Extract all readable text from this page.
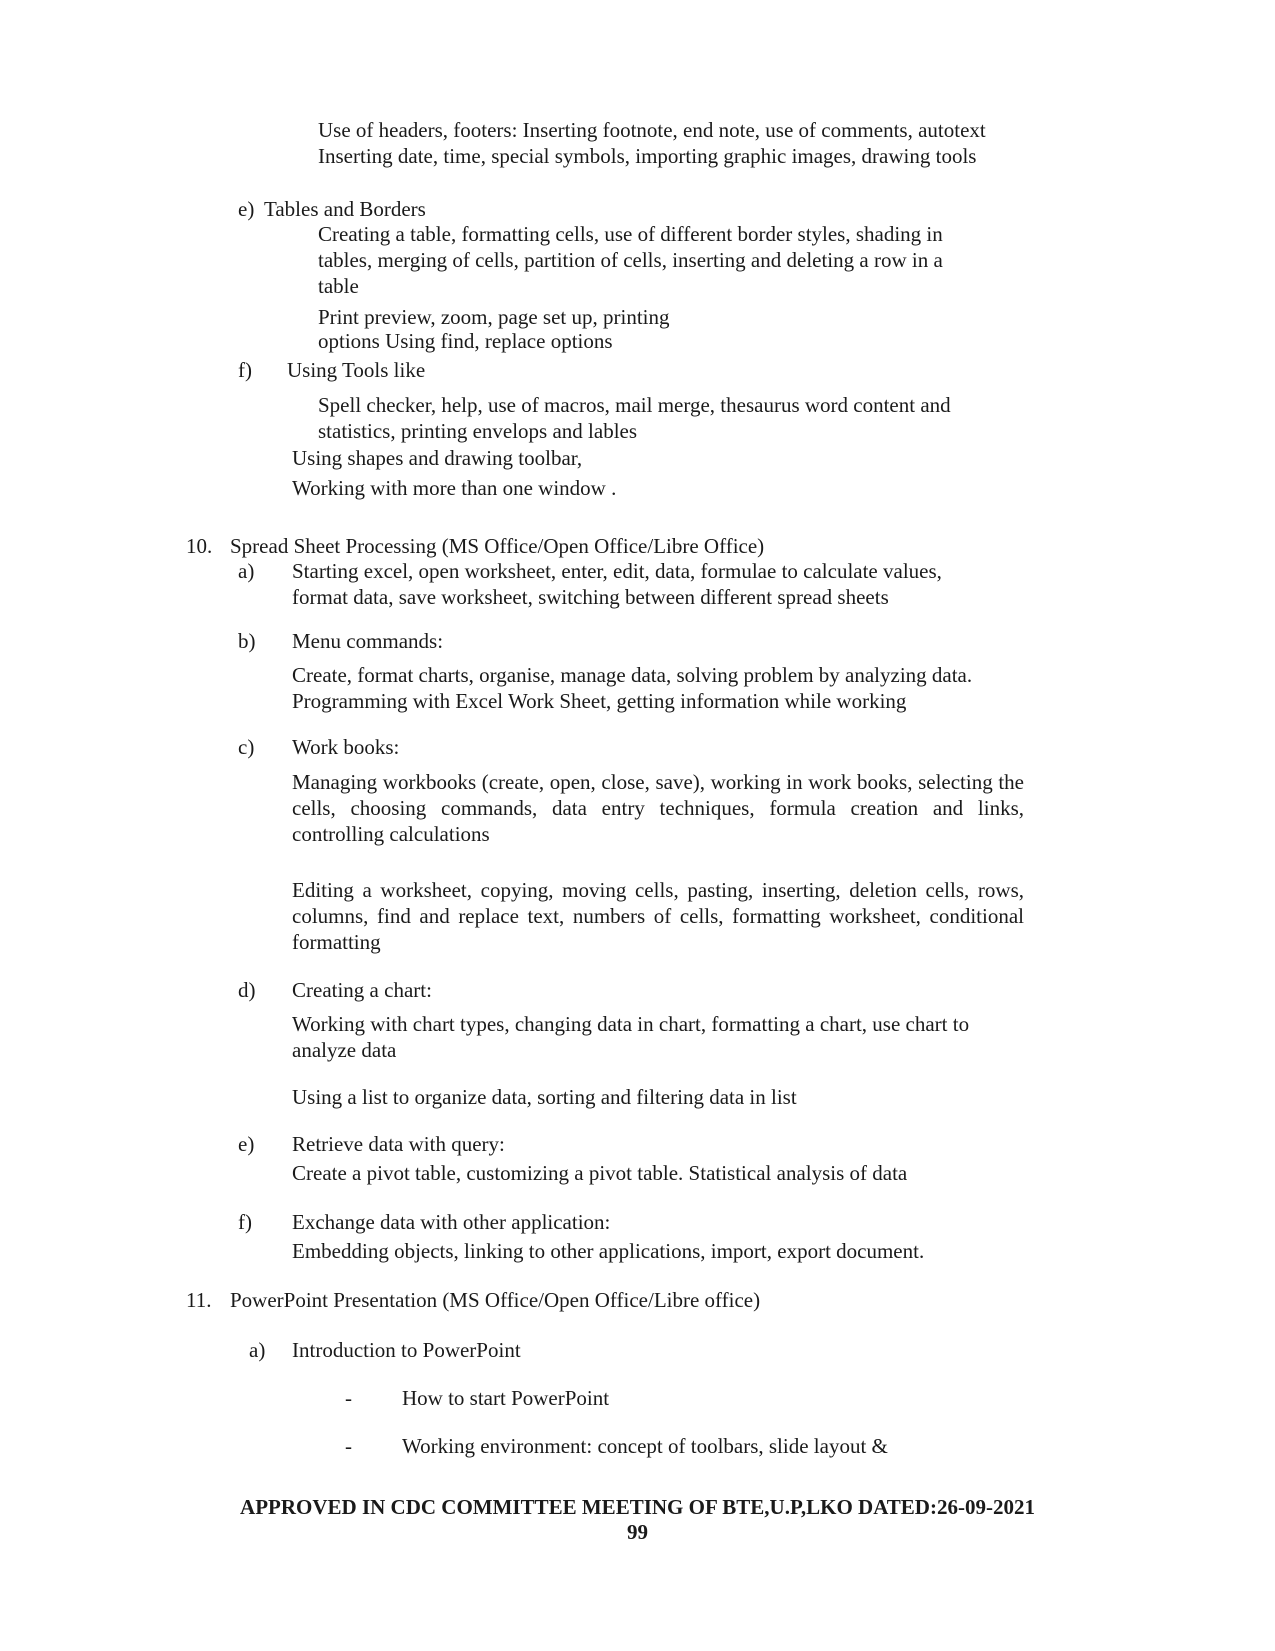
Use of headers, footers: Inserting footnote, end note, use of comments, autotext Inserting date, time, special symbols, importing graphic images, drawing tools

e) Tables and Borders

Creating a table, formatting cells, use of different border styles, shading in tables, merging of cells, partition of cells, inserting and deleting a row in a table

Print preview, zoom, page set up, printing
options Using find, replace options
f) Using Tools like

Spell checker, help, use of macros, mail merge, thesaurus word content and statistics, printing envelops and lables

Using shapes and drawing toolbar,
Working with more than one window .
10. Spread Sheet Processing (MS Office/Open Office/Libre Office)
a) Starting excel, open worksheet, enter, edit, data, formulae to calculate values, format data, save worksheet, switching between different spread sheets

b) Menu commands:

Create, format charts, organise, manage data, solving problem by analyzing data. Programming with Excel Work Sheet, getting information while working

c) Work books:

Managing workbooks (create, open, close, save), working in work books, selecting the cells, choosing commands, data entry techniques, formula creation and links, controlling calculations

Editing a worksheet, copying, moving cells, pasting, inserting, deletion cells, rows, columns, find and replace text, numbers of cells, formatting worksheet, conditional formatting

d) Creating a chart:

Working with chart types, changing data in chart, formatting a chart, use chart to analyze data

Using a list to organize data, sorting and filtering data in list
e) Retrieve data with query:
Create a pivot table, customizing a pivot table. Statistical analysis of data
f) Exchange data with other application:
Embedding objects, linking to other applications, import, export document.
11. PowerPoint Presentation (MS Office/Open Office/Libre office)
a) Introduction to PowerPoint
- How to start PowerPoint
- Working environment: concept of toolbars, slide layout &
APPROVED IN CDC COMMITTEE MEETING OF BTE,U.P,LKO DATED:26-09-2021
99
